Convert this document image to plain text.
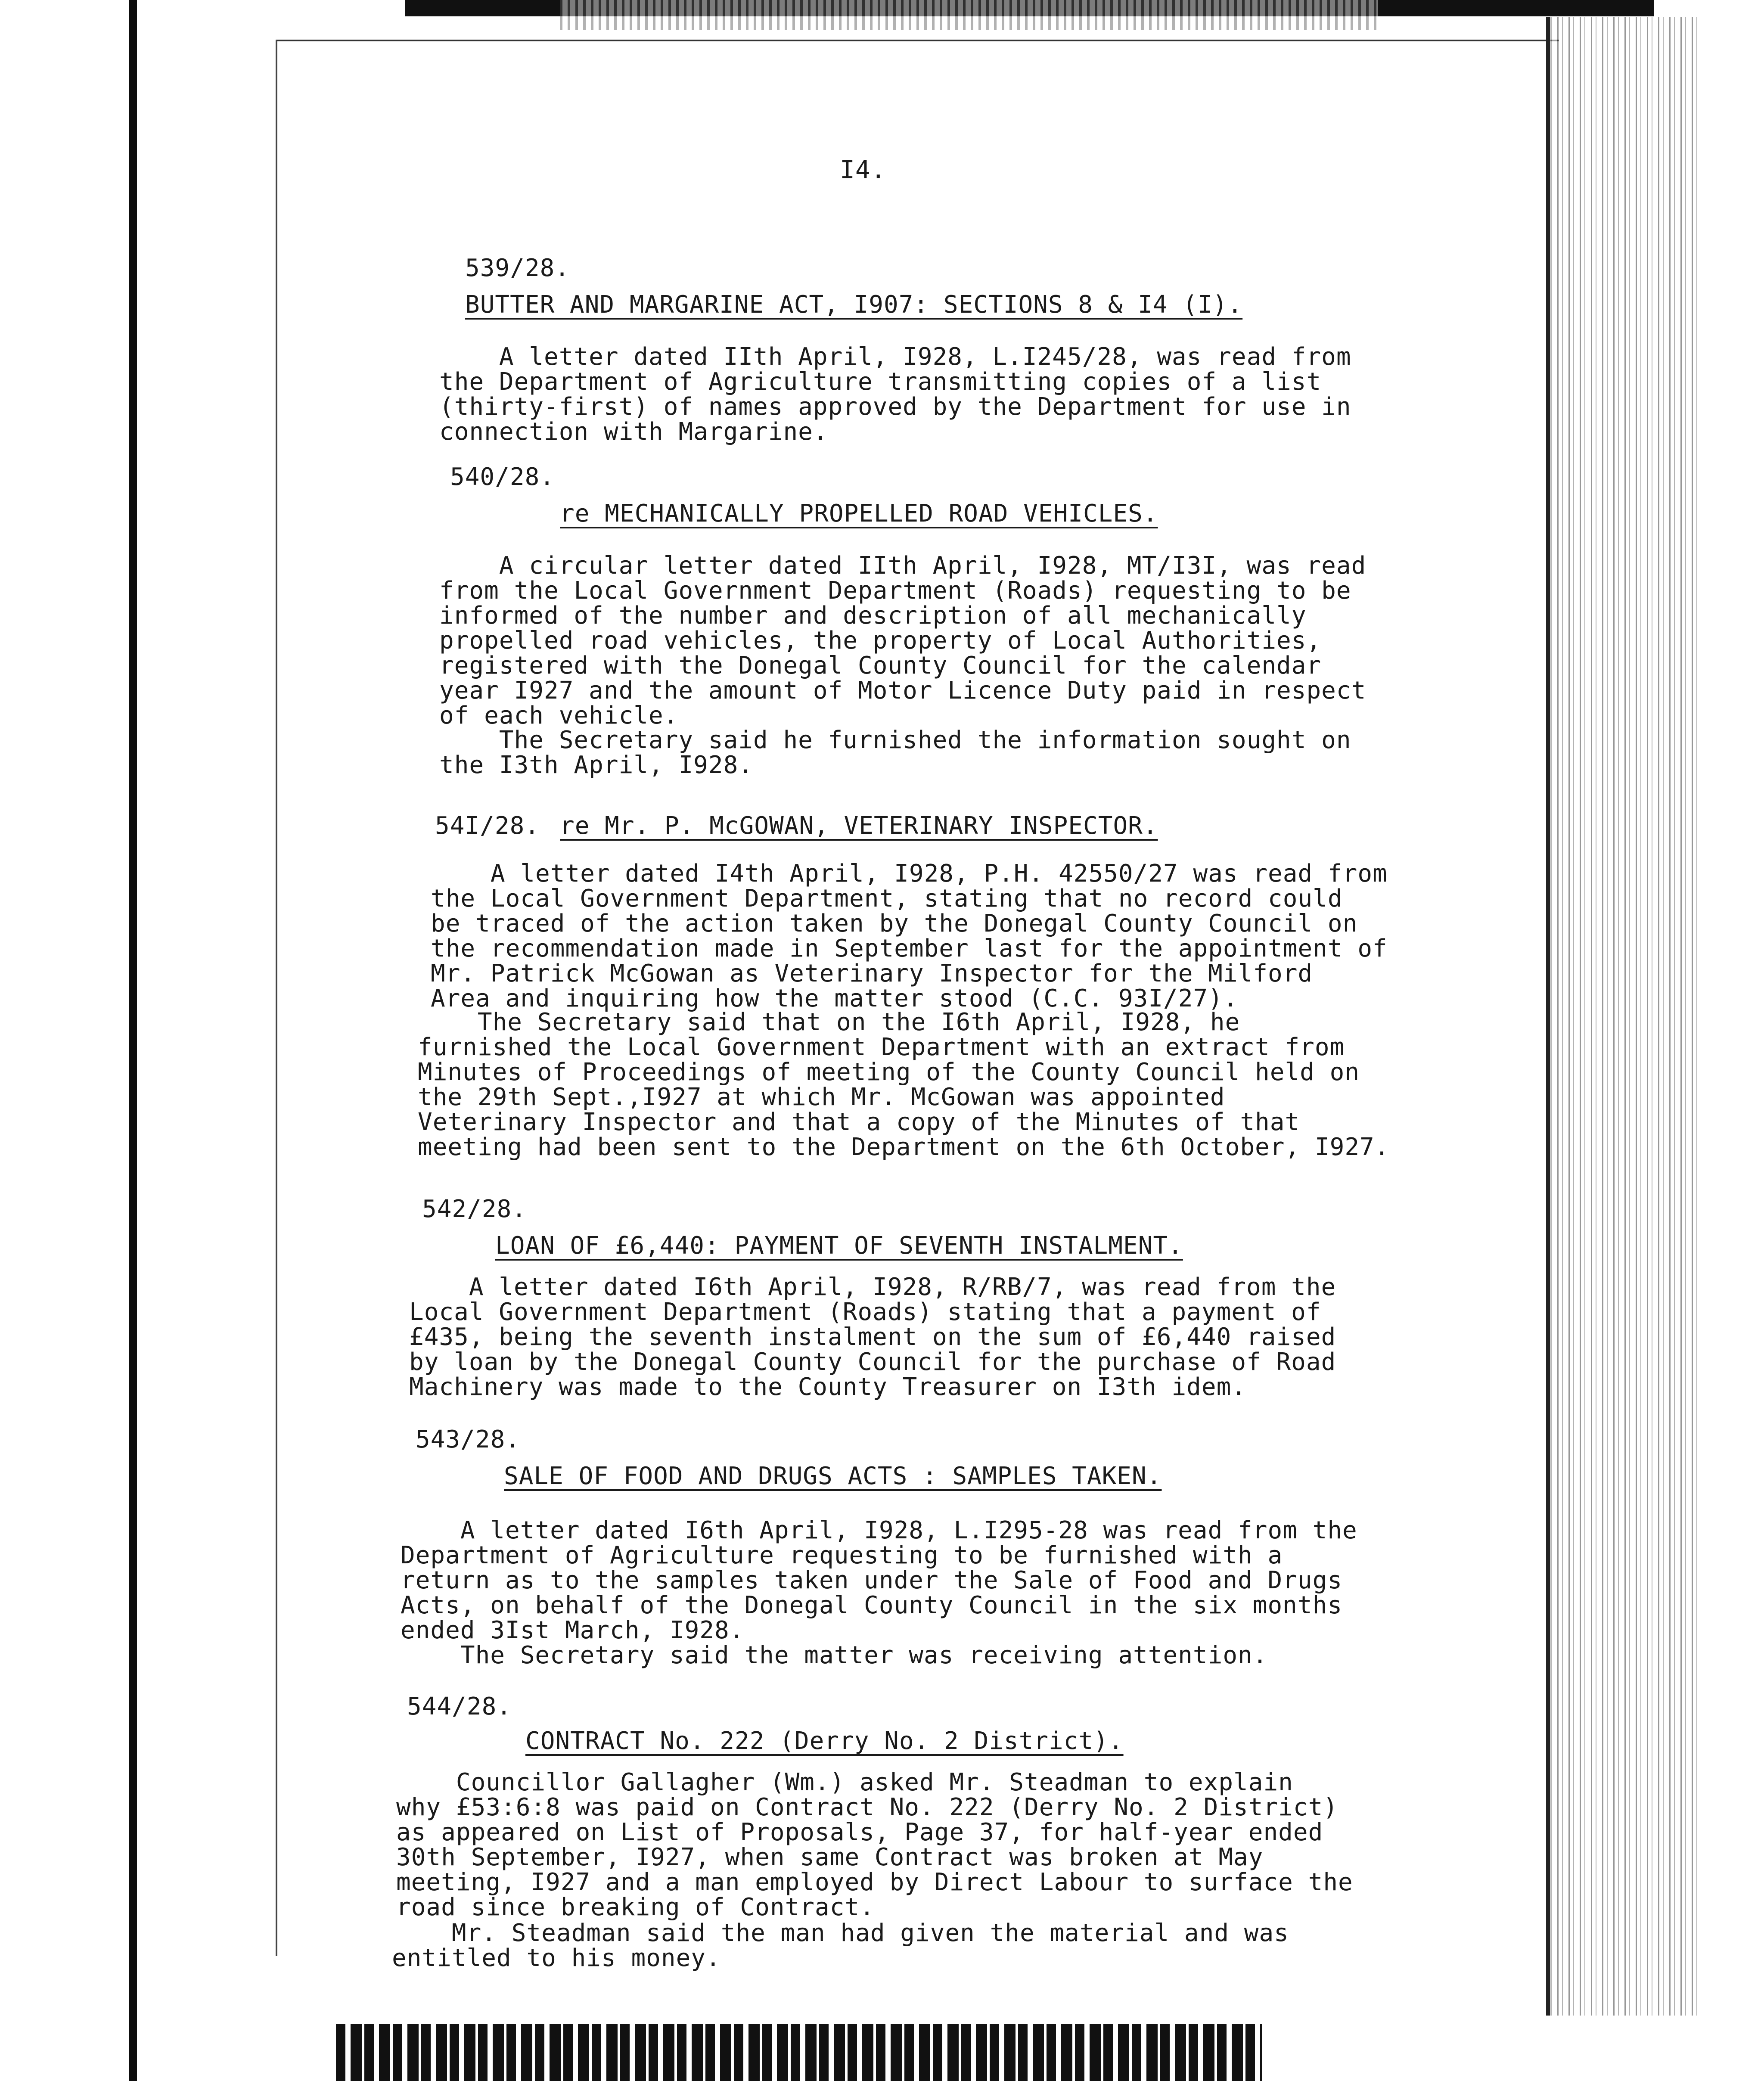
I4.

539/28.

BUTTER AND MARGARINE ACT, I907: SECTIONS 8 & I4 (I).

A letter dated IIth April, I928, L.I245/28, was read from
the Department of Agriculture transmitting copies of a list
(thirty-first) of names approved by the Department for use in
connection with Margarine.

540/28.

re MECHANICALLY PROPELLED ROAD VEHICLES.

A circular letter dated IIth April, I928, MT/I3I, was read
from the Local Government Department (Roads) requesting to be
informed of the number and description of all mechanically
propelled road vehicles, the property of Local Authorities,
registered with the Donegal County Council for the calendar
year I927 and the amount of Motor Licence Duty paid in respect
of each vehicle.
The Secretary said he furnished the information sought on
the I3th April, I928.

54I/28. re Mr. P. McGOWAN, VETERINARY INSPECTOR.

A letter dated I4th April, I928, P.H. 42550/27 was read from
the Local Government Department, stating that no record could
be traced of the action taken by the Donegal County Council on
the recommendation made in September last for the appointment of
Mr. Patrick McGowan as Veterinary Inspector for the Milford
Area and inquiring how the matter stood (C.C. 93I/27).
The Secretary said that on the I6th April, I928, he
furnished the Local Government Department with an extract from
Minutes of Proceedings of meeting of the County Council held on
the 29th Sept.,I927 at which Mr. McGowan was appointed
Veterinary Inspector and that a copy of the Minutes of that
meeting had been sent to the Department on the 6th October, I927.

542/28.

LOAN OF £6,440: PAYMENT OF SEVENTH INSTALMENT.

A letter dated I6th April, I928, R/RB/7, was read from the
Local Government Department (Roads) stating that a payment of
£435, being the seventh instalment on the sum of £6,440 raised
by loan by the Donegal County Council for the purchase of Road
Machinery was made to the County Treasurer on I3th idem.

543/28.

SALE OF FOOD AND DRUGS ACTS : SAMPLES TAKEN.

A letter dated I6th April, I928, L.I295-28 was read from the
Department of Agriculture requesting to be furnished with a
return as to the samples taken under the Sale of Food and Drugs
Acts, on behalf of the Donegal County Council in the six months
ended 3Ist March, I928.
The Secretary said the matter was receiving attention.

544/28.

CONTRACT No. 222 (Derry No. 2 District).

Councillor Gallagher (Wm.) asked Mr. Steadman to explain
why £53:6:8 was paid on Contract No. 222 (Derry No. 2 District)
as appeared on List of Proposals, Page 37, for half-year ended
30th September, I927, when same Contract was broken at May
meeting, I927 and a man employed by Direct Labour to surface the
road since breaking of Contract.
Mr. Steadman said the man had given the material and was
entitled to his money.
